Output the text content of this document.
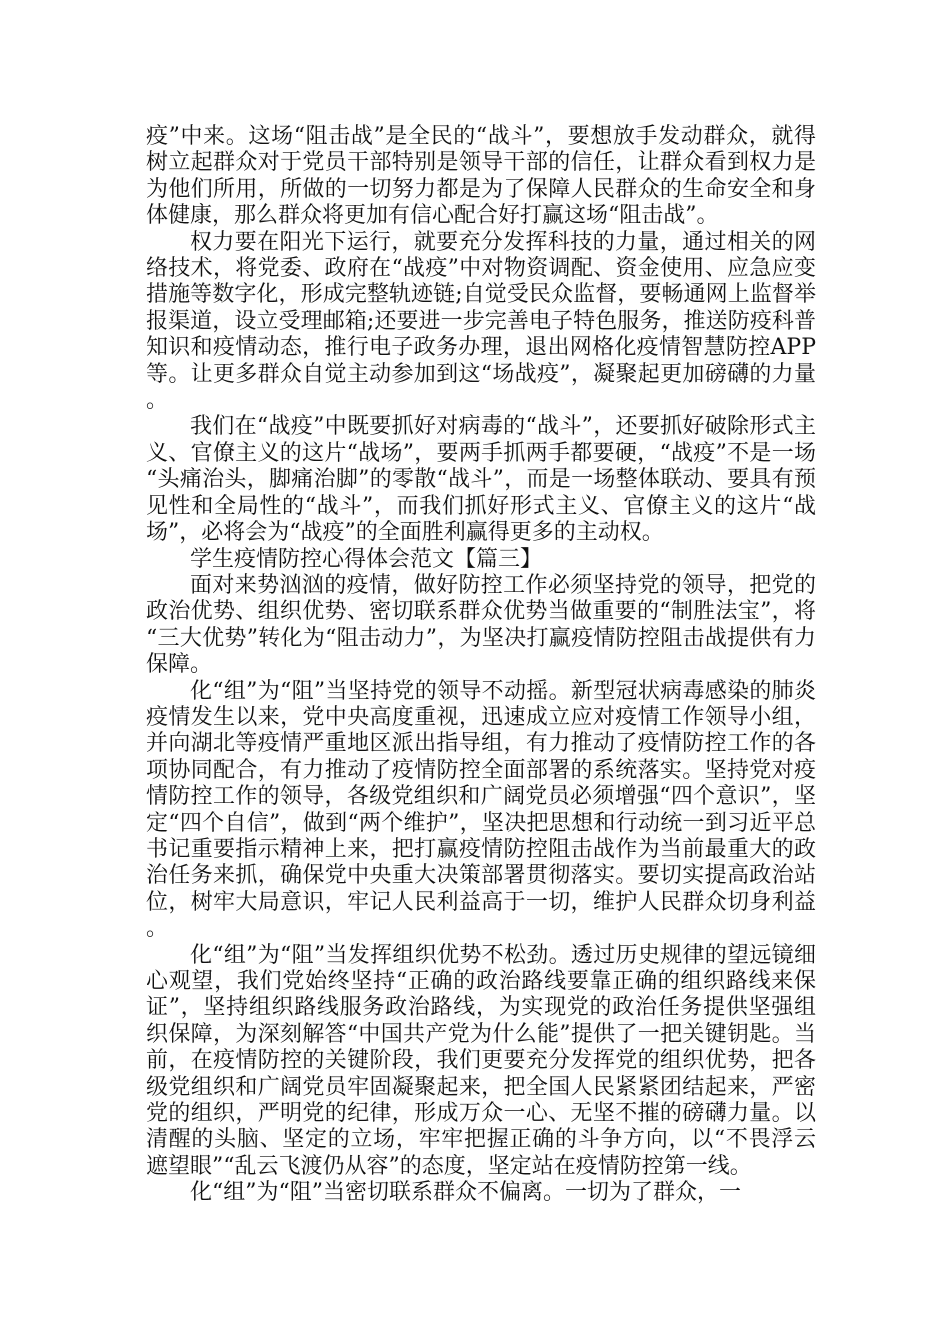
疫”中来。这场“阻击战”是全民的“战斗”，要想放手发动群众，就得树立起群众对于党员干部特别是领导干部的信任，让群众看到权力是为他们所用，所做的一切努力都是为了保障人民群众的生命安全和身体健康，那么群众将更加有信心配合好打赢这场“阻击战”。

权力要在阳光下运行，就要充分发挥科技的力量，通过相关的网络技术，将党委、政府在“战疫”中对物资调配、资金使用、应急应变措施等数字化，形成完整轨迹链;自觉受民众监督，要畅通网上监督举报渠道，设立受理邮箱;还要进一步完善电子特色服务，推送防疫科普知识和疫情动态，推行电子政务办理，退出网格化疫情智慧防控APP等。让更多群众自觉主动参加到这“场战疫”，凝聚起更加磅礴的力量。

我们在“战疫”中既要抓好对病毒的“战斗”，还要抓好破除形式主义、官僚主义的这片“战场”，要两手抓两手都要硬，“战疫”不是一场“头痛治头，脚痛治脚”的零散“战斗”，而是一场整体联动、要具有预见性和全局性的“战斗”，而我们抓好形式主义、官僚主义的这片“战场”，必将会为“战疫”的全面胜利赢得更多的主动权。

学生疫情防控心得体会范文【篇三】

面对来势汹汹的疫情，做好防控工作必须坚持党的领导，把党的政治优势、组织优势、密切联系群众优势当做重要的“制胜法宝”，将“三大优势”转化为“阻击动力”，为坚决打赢疫情防控阻击战提供有力保障。

化“组”为“阻”当坚持党的领导不动摇。新型冠状病毒感染的肺炎疫情发生以来，党中央高度重视，迅速成立应对疫情工作领导小组，并向湖北等疫情严重地区派出指导组，有力推动了疫情防控工作的各项协同配合，有力推动了疫情防控全面部署的系统落实。坚持党对疫情防控工作的领导，各级党组织和广阔党员必须增强“四个意识”，坚定“四个自信”，做到“两个维护”，坚决把思想和行动统一到习近平总书记重要指示精神上来，把打赢疫情防控阻击战作为当前最重大的政治任务来抓，确保党中央重大决策部署贯彻落实。要切实提高政治站位，树牢大局意识，牢记人民利益高于一切，维护人民群众切身利益。

化“组”为“阻”当发挥组织优势不松劲。透过历史规律的望远镜细心观望，我们党始终坚持“正确的政治路线要靠正确的组织路线来保证”，坚持组织路线服务政治路线，为实现党的政治任务提供坚强组织保障，为深刻解答“中国共产党为什么能”提供了一把关键钥匙。当前，在疫情防控的关键阶段，我们更要充分发挥党的组织优势，把各级党组织和广阔党员牢固凝聚起来，把全国人民紧紧团结起来，严密党的组织，严明党的纪律，形成万众一心、无坚不摧的磅礴力量。以清醒的头脑、坚定的立场，牢牢把握正确的斗争方向，以“不畏浮云遮望眼”“乱云飞渡仍从容”的态度，坚定站在疫情防控第一线。

化“组”为“阻”当密切联系群众不偏离。一切为了群众，一
